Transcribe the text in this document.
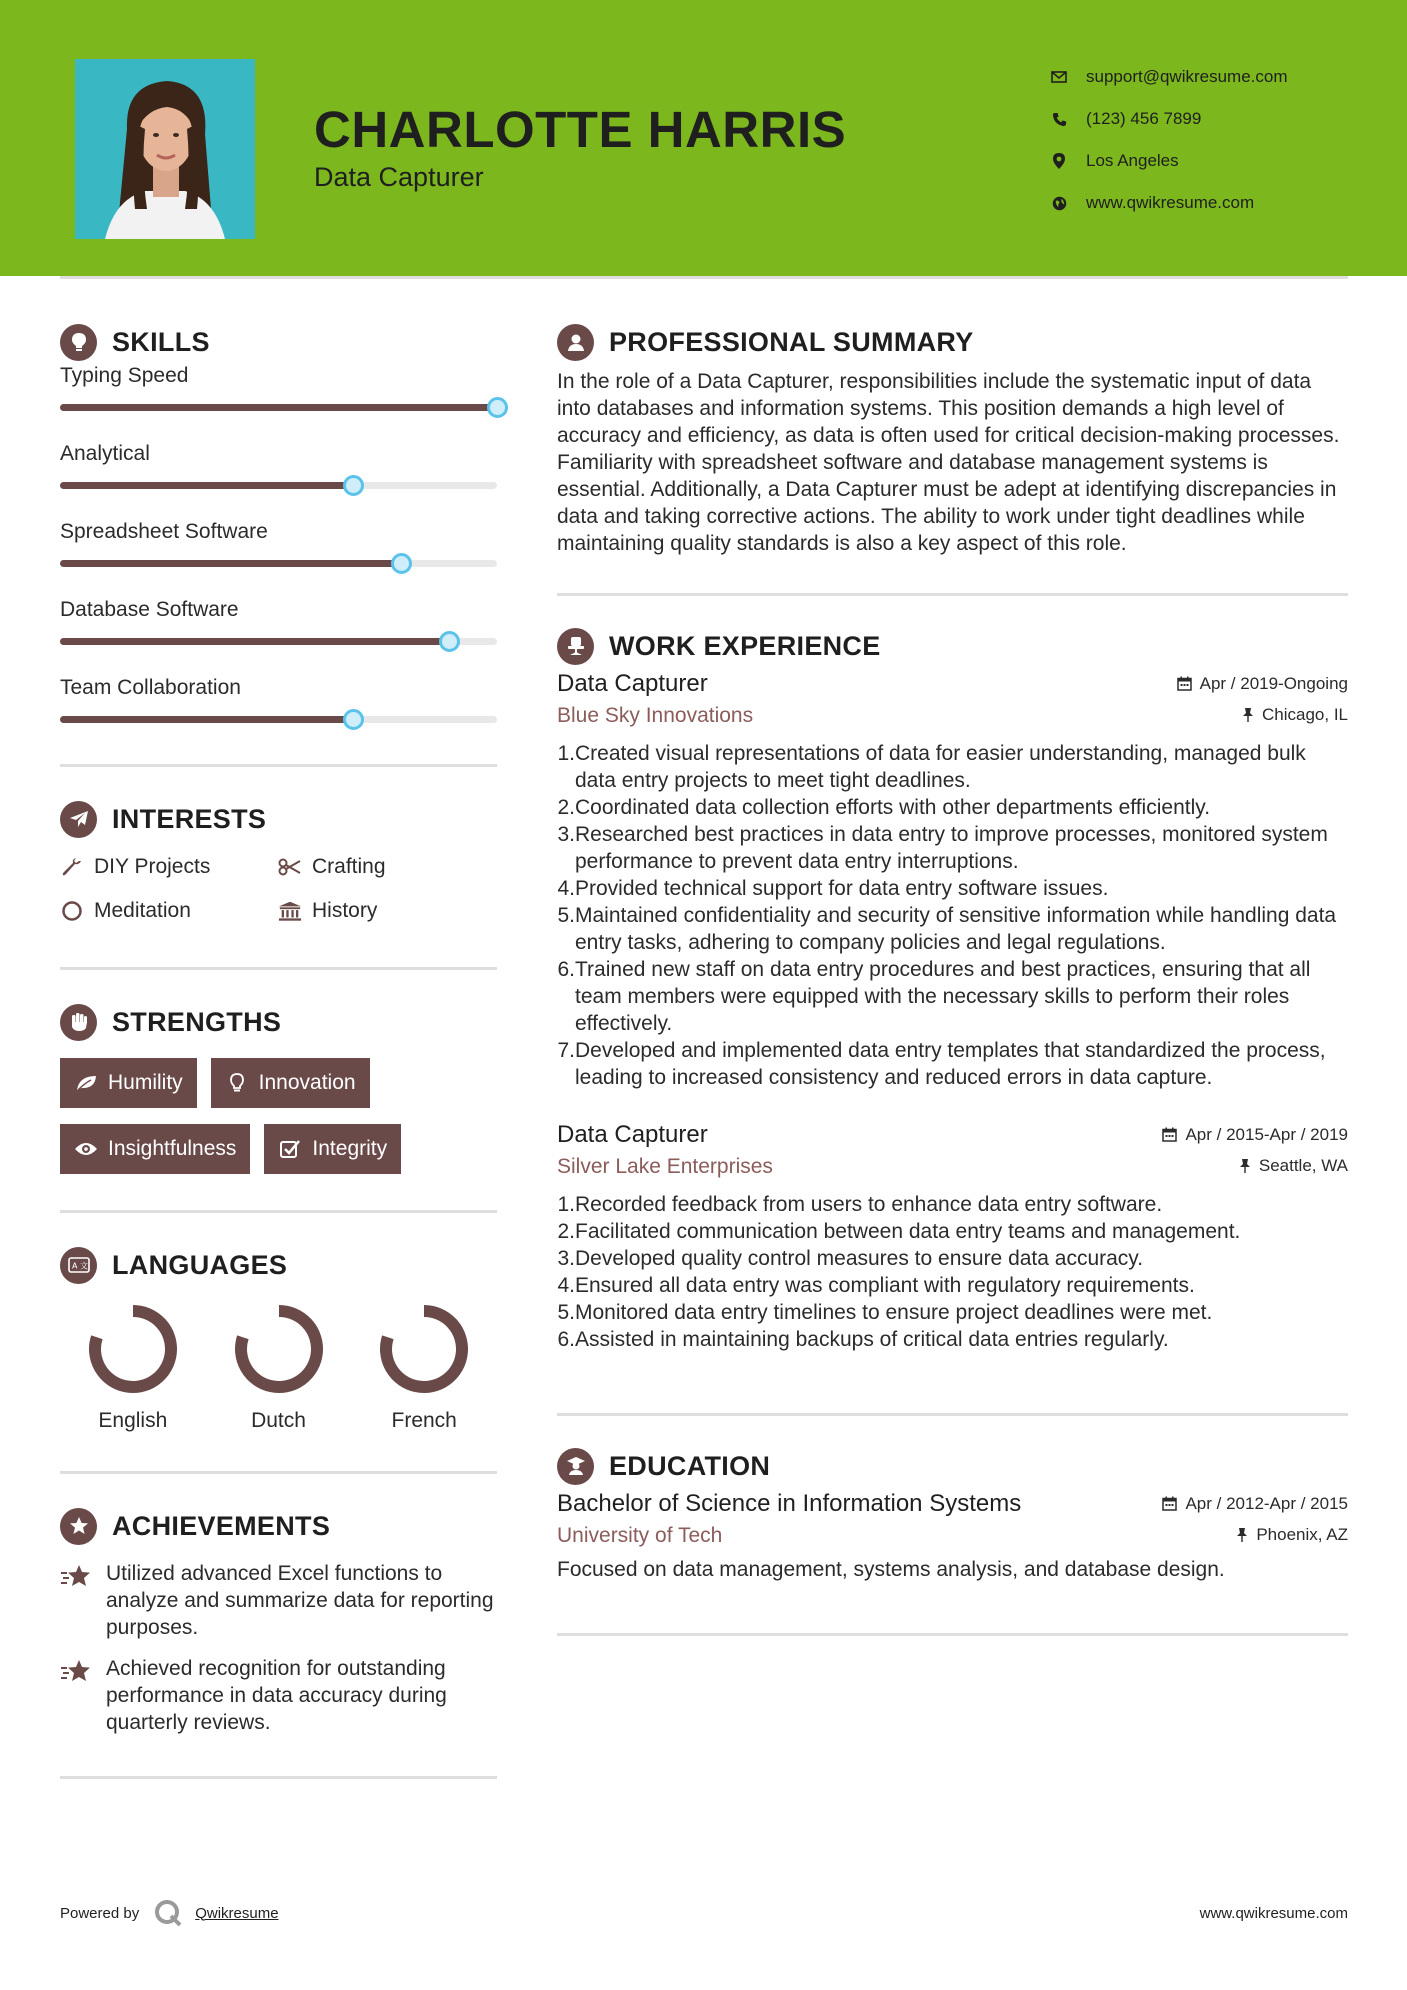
CHARLOTTE HARRIS
Data Capturer
support@qwikresume.com
(123) 456 7899
Los Angeles
www.qwikresume.com
SKILLS
Typing Speed
Analytical
Spreadsheet Software
Database Software
Team Collaboration
INTERESTS
DIY Projects	Crafting
Meditation	History
STRENGTHS
Humility	Innovation
Insightfulness	Integrity
A 文 LANGUAGES
English	Dutch	French
ACHIEVEMENTS
Utilized advanced Excel functions to analyze and summarize data for reporting purposes.
Achieved recognition for outstanding performance in data accuracy during quarterly reviews.
PROFESSIONAL SUMMARY

In the role of a Data Capturer, responsibilities include the systematic input of data into databases and information systems. This position demands a high level of accuracy and efficiency, as data is often used for critical decision-making processes. Familiarity with spreadsheet software and database management systems is essential. Additionally, a Data Capturer must be adept at identifying discrepancies in data and taking corrective actions. The ability to work under tight deadlines while maintaining quality standards is also a key aspect of this role.

WORK EXPERIENCE
Data Capturer	Apr / 2019-Ongoing
Blue Sky Innovations	Chicago, IL
1. Created visual representations of data for easier understanding, managed bulk data entry projects to meet tight deadlines.
2. Coordinated data collection efforts with other departments efficiently.
3. Researched best practices in data entry to improve processes, monitored system performance to prevent data entry interruptions.
4. Provided technical support for data entry software issues.
5. Maintained confidentiality and security of sensitive information while handling data entry tasks, adhering to company policies and legal regulations.
6. Trained new staff on data entry procedures and best practices, ensuring that all team members were equipped with the necessary skills to perform their roles effectively.
7. Developed and implemented data entry templates that standardized the process, leading to increased consistency and reduced errors in data capture.
Data Capturer	Apr / 2015-Apr / 2019
Silver Lake Enterprises	Seattle, WA
1. Recorded feedback from users to enhance data entry software.
2. Facilitated communication between data entry teams and management.
3. Developed quality control measures to ensure data accuracy.
4. Ensured all data entry was compliant with regulatory requirements.
5. Monitored data entry timelines to ensure project deadlines were met.
6. Assisted in maintaining backups of critical data entries regularly.
EDUCATION
Bachelor of Science in Information Systems	Apr / 2012-Apr / 2015
University of Tech	Phoenix, AZ

Focused on data management, systems analysis, and database design.

Powered by	Qwikresume	www.qwikresume.com
